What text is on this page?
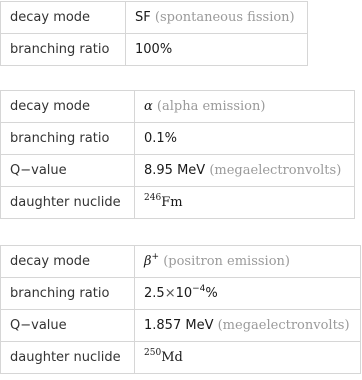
decay mode	SF (spontaneous fission)
branching ratio	100%
decay mode	α (alpha emission)
branching ratio	0.1%
Q−value	8.95 MeV (megaelectronvolts)
daughter nuclide	$^{246}$Fm
decay mode	β+ (positron emission)
branching ratio	$2.5\times 10^{-4}\%$
Q−value	1.857 MeV (megaelectronvolts)
daughter nuclide	$^{250}$Md
